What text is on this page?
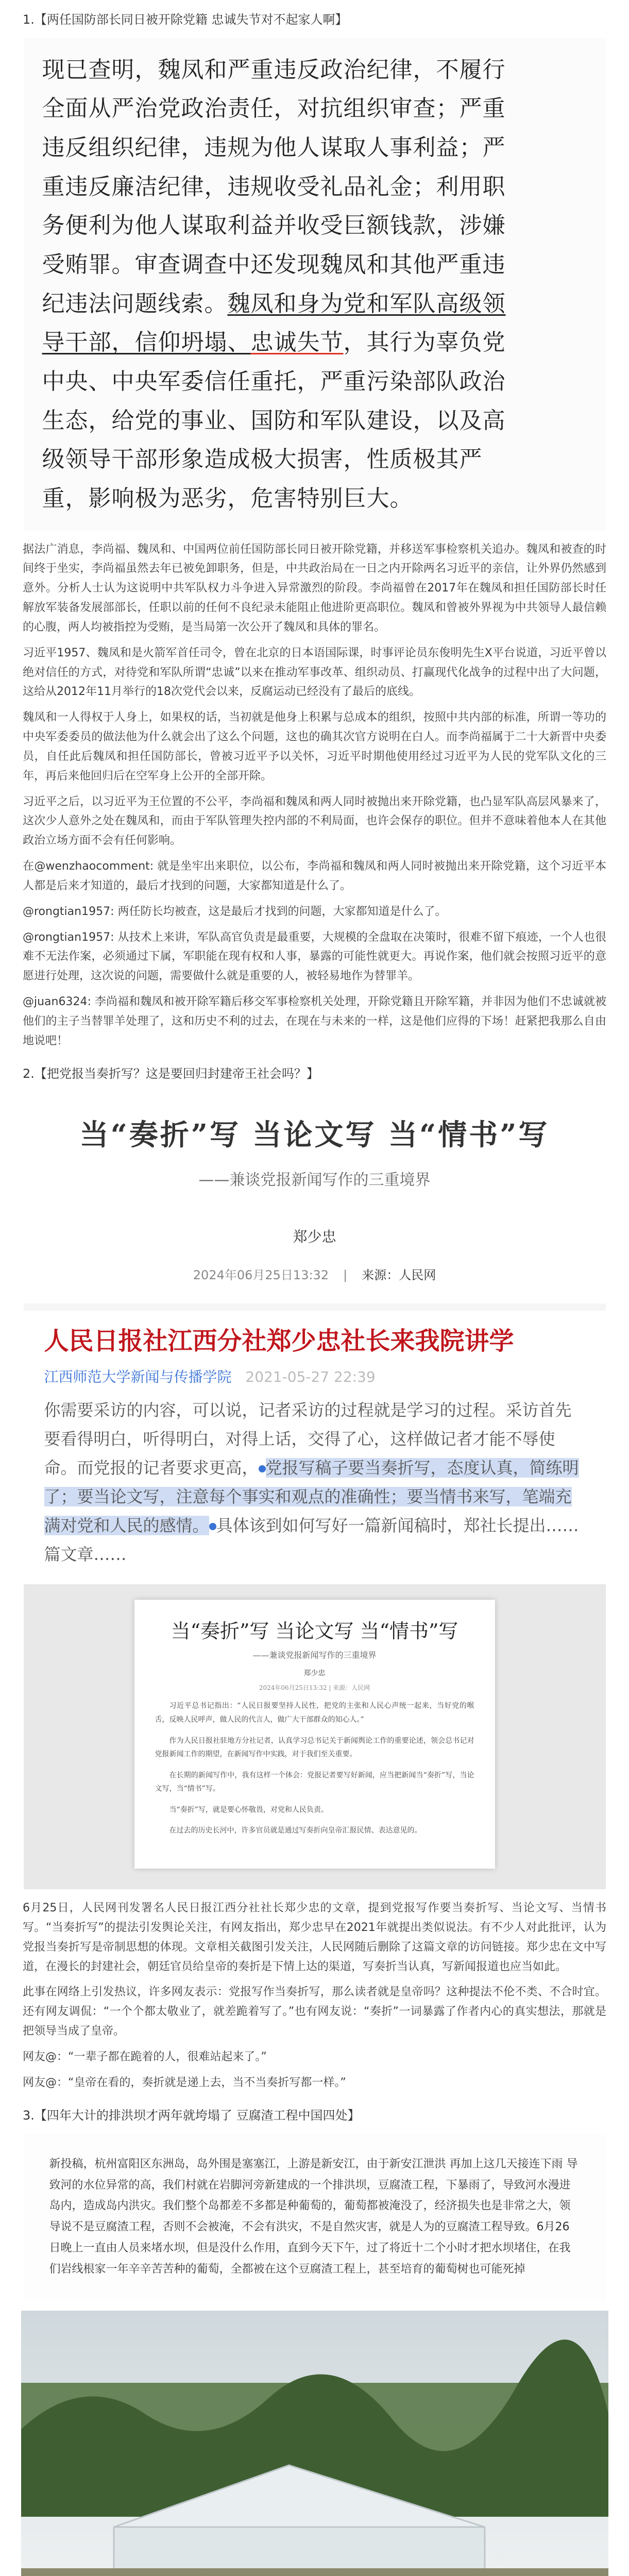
1.【两任国防部长同日被开除党籍 忠诚失节对不起家人啊】
现已查明，魏凤和严重违反政治纪律，不履行
全面从严治党政治责任，对抗组织审查；严重
违反组织纪律，违规为他人谋取人事利益；严
重违反廉洁纪律，违规收受礼品礼金；利用职
务便利为他人谋取利益并收受巨额钱款，涉嫌
受贿罪。审查调查中还发现魏凤和其他严重违
纪违法问题线索。魏凤和身为党和军队高级领
导干部，信仰坍塌、忠诚失节，其行为辜负党
中央、中央军委信任重托，严重污染部队政治
生态，给党的事业、国防和军队建设，以及高
级领导干部形象造成极大损害，性质极其严
重，影响极为恶劣，危害特别巨大。
据法广消息，李尚福、魏凤和、中国两位前任国防部长同日被开除党籍，并移送军事检察机关追办。魏凤和被查的时间终于坐实，李尚福虽然去年已被免卸职务，但是，中共政治局在一日之内开除两名习近平的亲信，让外界仍然感到意外。分析人士认为这说明中共军队权力斗争进入异常激烈的阶段。李尚福曾在2017年在魏凤和担任国防部长时任解放军装备发展部部长，任职以前的任何不良纪录未能阻止他进阶更高职位。魏凤和曾被外界视为中共领导人最信赖的心腹，两人均被指控为受贿，是当局第一次公开了魏凤和具体的罪名。
习近平1957、魏凤和是火箭军首任司令，曾在北京的日本语国际课，时事评论员东俊明先生X平台说道，习近平曾以绝对信任的方式，对待党和军队所谓“忠诚”以来在推动军事改革、组织动员、打赢现代化战争的过程中出了大问题，这给从2012年11月举行的18次党代会以来，反腐运动已经没有了最后的底线。
魏凤和一人得权于人身上，如果权的话，当初就是他身上积累与总成本的组织，按照中共内部的标准，所谓一等功的中央军委委员的做法他为什么就会出了这么个问题，这也的确其次官方说明在白人。而李尚福属于二十大新晋中央委员，自任此后魏凤和担任国防部长，曾被习近平予以关怀，习近平时期他使用经过习近平为人民的党军队文化的三年，再后来他回归后在空军身上公开的全部开除。
习近平之后，以习近平为王位置的不公平，李尚福和魏凤和两人同时被抛出来开除党籍，也凸显军队高层风暴来了，这次少人意外之处在魏凤和，而由于军队管理失控内部的不利局面，也许会保存的职位。但并不意味着他本人在其他政治立场方面不会有任何影响。
在@wenzhaocomment: 就是坐牢出来职位，以公布，李尚福和魏凤和两人同时被抛出来开除党籍，这个习近平本人都是后来才知道的，最后才找到的问题，大家都知道是什么了。
@rongtian1957: 两任防长均被查，这是最后才找到的问题，大家都知道是什么了。
@rongtian1957: 从技术上来讲，军队高官负责是最重要，大规模的全盘取在决策时，很难不留下痕迹，一个人也很难不无法作案，必须通过下属，军职能在现有权和人事，暴露的可能性就更大。再说作案，他们就会按照习近平的意愿进行处理，这次说的问题，需要做什么就是重要的人，被轻易地作为替罪羊。
@juan6324: 李尚福和魏凤和被开除军籍后移交军事检察机关处理，开除党籍且开除军籍，并非因为他们不忠诚就被他们的主子当替罪羊处理了，这和历史不利的过去，在现在与未来的一样，这是他们应得的下场！赶紧把我那么自由地说吧！
2.【把党报当奏折写？这是要回归封建帝王社会吗？】
当“奏折”写 当论文写 当“情书”写
——兼谈党报新闻写作的三重境界
郑少忠
2024年06月25日13:32 | 来源：人民网
人民日报社江西分社郑少忠社长来我院讲学
江西师范大学新闻与传播学院 2021-05-27 22:39
你需要采访的内容，可以说，记者采访的过程就是学习的过程。采访首先要看得明白，听得明白，对得上话，交得了心，这样做记者才能不辱使命。而党报的记者要求更高， 党报写稿子要当奏折写，态度认真，简练明了；要当论文写，注意每个事实和观点的准确性；要当情书来写，笔端充满对党和人民的感情。 具体该到如何写好一篇新闻稿时，郑社长提出……篇文章……
当“奏折”写 当论文写 当“情书”写
——兼谈党报新闻写作的三重境界
郑少忠
2024年06月25日13:32 | 来源：人民网
习近平总书记指出：“人民日报要坚持人民性，把党的主张和人民心声统一起来，当好党的喉舌，反映人民呼声，做人民的代言人，做广大干部群众的知心人。”
作为人民日报社驻地方分社记者，认真学习总书记关于新闻舆论工作的重要论述，领会总书记对党报新闻工作的期望，在新闻写作中实践，对于我们至关重要。
在长期的新闻写作中，我有这样一个体会：党报记者要写好新闻，应当把新闻当“奏折”写，当论文写，当“情书”写。
当“奏折”写，就是要心怀敬畏，对党和人民负责。
在过去的历史长河中，许多官员就是通过写奏折向皇帝汇报民情、表达意见的。
6月25日，人民网刊发署名人民日报江西分社社长郑少忠的文章，提到党报写作要当奏折写、当论文写、当情书写。“当奏折写”的提法引发舆论关注，有网友指出，郑少忠早在2021年就提出类似说法。有不少人对此批评，认为党报当奏折写是帝制思想的体现。文章相关截图引发关注，人民网随后删除了这篇文章的访问链接。郑少忠在文中写道，在漫长的封建社会，朝廷官员给皇帝的奏折是下情上达的渠道，写奏折当认真，写新闻报道也应当如此。
此事在网络上引发热议，许多网友表示：党报写作当奏折写，那么读者就是皇帝吗？这种提法不伦不类、不合时宜。还有网友调侃：“一个个都太敬业了，就差跪着写了。”也有网友说：“奏折”一词暴露了作者内心的真实想法，那就是把领导当成了皇帝。
网友@：“一辈子都在跪着的人，很难站起来了。”
网友@：“皇帝在看的，奏折就是递上去，当不当奏折写都一样。”
3.【四年大计的排洪坝才两年就垮塌了 豆腐渣工程中国四处】
新投稿，杭州富阳区东洲岛，岛外围是塞塞江，上游是新安江，由于新安江泄洪 再加上这几天接连下雨 导致河的水位异常的高，我们村就在岩脚河旁新建成的一个排洪坝，豆腐渣工程，下暴雨了，导致河水漫进岛内，造成岛内洪灾。我们整个岛都差不多都是种葡萄的，葡萄都被淹没了，经济损失也是非常之大，领导说不是豆腐渣工程，否则不会被淹，不会有洪灾，不是自然灾害，就是人为的豆腐渣工程导致。6月26日晚上一直由人员来堵水坝，但是没什么作用，直到今天下午，过了将近十二个小时才把水坝堵住，在我们岩线根家一年辛辛苦苦种的葡萄，全都被在这个豆腐渣工程上，甚至培育的葡萄树也可能死掉
